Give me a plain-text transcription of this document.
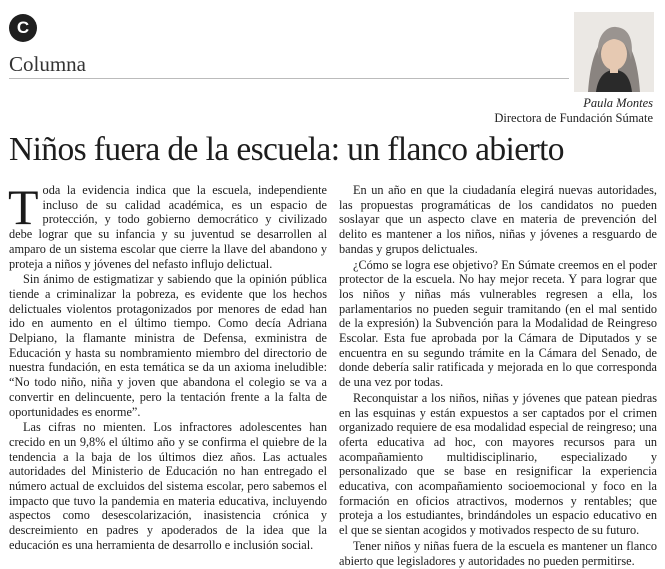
C
Columna
Paula Montes
Directora de Fundación Súmate
Niños fuera de la escuela: un flanco abierto

Toda la evidencia indica que la escuela, independiente incluso de su calidad académica, es un espacio de protección, y todo gobierno democrático y civilizado debe lograr que su infancia y su juventud se desarrollen al amparo de un sistema escolar que cierre la llave del abandono y proteja a niños y jóvenes del nefasto influjo delictual.

Sin ánimo de estigmatizar y sabiendo que la opinión pública tiende a criminalizar la pobreza, es evidente que los hechos delictuales violentos protagonizados por menores de edad han ido en aumento en el último tiempo. Como decía Adriana Delpiano, la flamante ministra de Defensa, exministra de Educación y hasta su nombramiento miembro del directorio de nuestra fundación, en esta temática se da un axioma ineludible: “No todo niño, niña y joven que abandona el colegio se va a convertir en delincuente, pero la tentación frente a la falta de oportunidades es enorme”.

Las cifras no mienten. Los infractores adolescentes han crecido en un 9,8% el último año y se confirma el quiebre de la tendencia a la baja de los últimos diez años. Las actuales autoridades del Ministerio de Educación no han entregado el número actual de excluidos del sistema escolar, pero sabemos el impacto que tuvo la pandemia en materia educativa, incluyendo aspectos como desescolarización, inasistencia crónica y descreimiento en padres y apoderados de la idea que la educación es una herramienta de desarrollo e inclusión social.

En un año en que la ciudadanía elegirá nuevas autoridades, las propuestas programáticas de los candidatos no pueden soslayar que un aspecto clave en materia de prevención del delito es mantener a los niños, niñas y jóvenes a resguardo de bandas y grupos delictuales.

¿Cómo se logra ese objetivo? En Súmate creemos en el poder protector de la escuela. No hay mejor receta. Y para lograr que los niños y niñas más vulnerables regresen a ella, los parlamentarios no pueden seguir tramitando (en el mal sentido de la expresión) la Subvención para la Modalidad de Reingreso Escolar. Esta fue aprobada por la Cámara de Diputados y se encuentra en su segundo trámite en la Cámara del Senado, de donde debería salir ratificada y mejorada en lo que corresponda de una vez por todas.

Reconquistar a los niños, niñas y jóvenes que patean piedras en las esquinas y están expuestos a ser captados por el crimen organizado requiere de esa modalidad especial de reingreso; una oferta educativa ad hoc, con mayores recursos para un acompañamiento multidisciplinario, especializado y personalizado que se base en resignificar la experiencia educativa, con acompañamiento socioemocional y foco en la formación en oficios atractivos, modernos y rentables; que proteja a los estudiantes, brindándoles un espacio educativo en el que se sientan acogidos y motivados respecto de su futuro.

Tener niños y niñas fuera de la escuela es mantener un flanco abierto que legisladores y autoridades no pueden permitirse.
